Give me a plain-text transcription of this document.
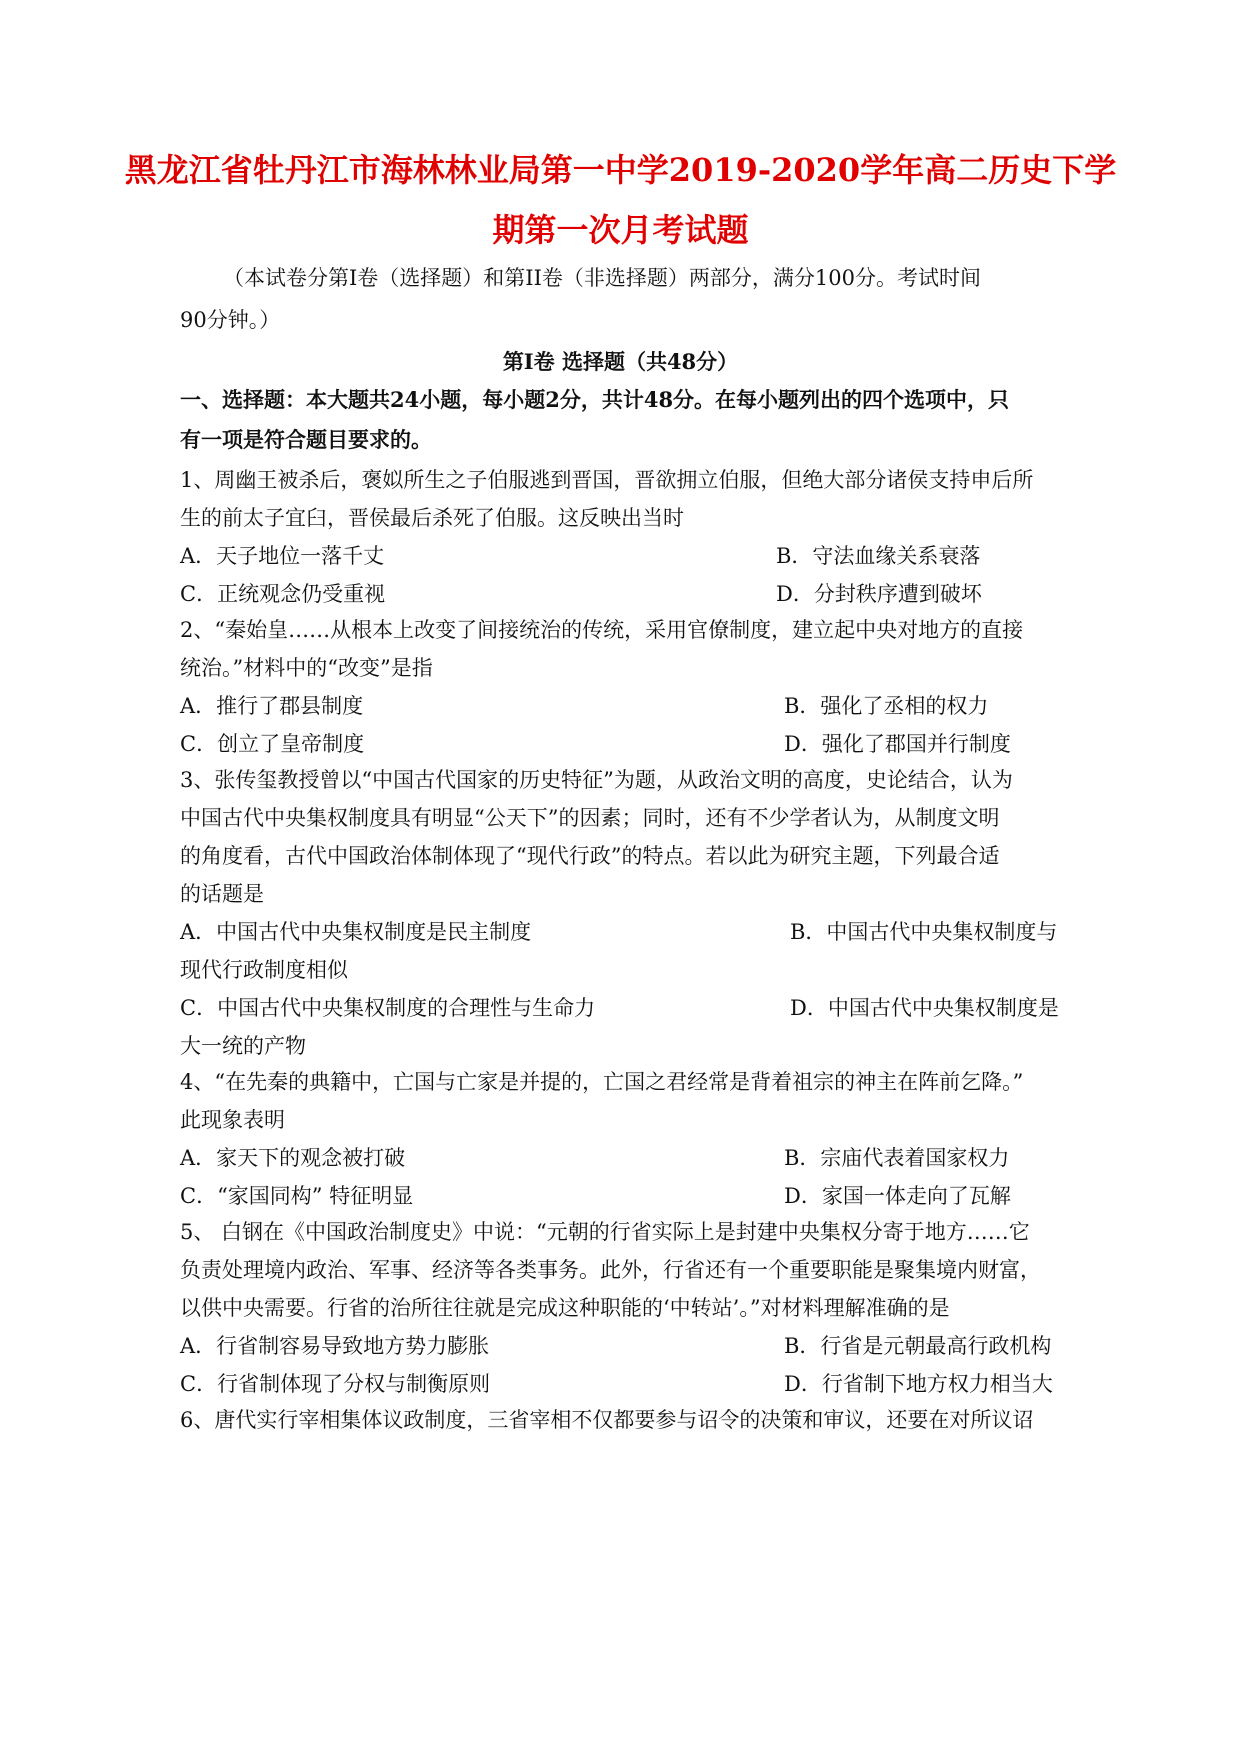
黑龙江省牡丹江市海林林业局第一中学2019-2020学年高二历史下学
期第一次月考试题
（本试卷分第I卷（选择题）和第II卷（非选择题）两部分，满分100分。考试时间
90分钟。）
第I卷 选择题（共48分）
一、选择题：本大题共24小题，每小题2分，共计48分。在每小题列出的四个选项中，只
有一项是符合题目要求的。
1、周幽王被杀后，褒姒所生之子伯服逃到晋国，晋欲拥立伯服，但绝大部分诸侯支持申后所
生的前太子宜臼，晋侯最后杀死了伯服。这反映出当时
A．天子地位一落千丈	B．守法血缘关系衰落
C．正统观念仍受重视	D．分封秩序遭到破坏
2、“秦始皇……从根本上改变了间接统治的传统，采用官僚制度，建立起中央对地方的直接
统治。”材料中的“改变”是指
A．推行了郡县制度	B．强化了丞相的权力
C．创立了皇帝制度	D．强化了郡国并行制度
3、张传玺教授曾以“中国古代国家的历史特征”为题，从政治文明的高度，史论结合，认为
中国古代中央集权制度具有明显“公天下”的因素；同时，还有不少学者认为，从制度文明
的角度看，古代中国政治体制体现了“现代行政”的特点。若以此为研究主题，下列最合适
的话题是
A．中国古代中央集权制度是民主制度	B．中国古代中央集权制度与
现代行政制度相似
C．中国古代中央集权制度的合理性与生命力	D．中国古代中央集权制度是
大一统的产物
4、“在先秦的典籍中，亡国与亡家是并提的，亡国之君经常是背着祖宗的神主在阵前乞降。”
此现象表明
A．家天下的观念被打破	B．宗庙代表着国家权力
C．“家国同构” 特征明显	D．家国一体走向了瓦解
5、 白钢在《中国政治制度史》中说：“元朝的行省实际上是封建中央集权分寄于地方……它
负责处理境内政治、军事、经济等各类事务。此外，行省还有一个重要职能是聚集境内财富，
以供中央需要。行省的治所往往就是完成这种职能的‘中转站’。”对材料理解准确的是
A．行省制容易导致地方势力膨胀	B．行省是元朝最高行政机构
C．行省制体现了分权与制衡原则	D．行省制下地方权力相当大
6、唐代实行宰相集体议政制度，三省宰相不仅都要参与诏令的决策和审议，还要在对所议诏
